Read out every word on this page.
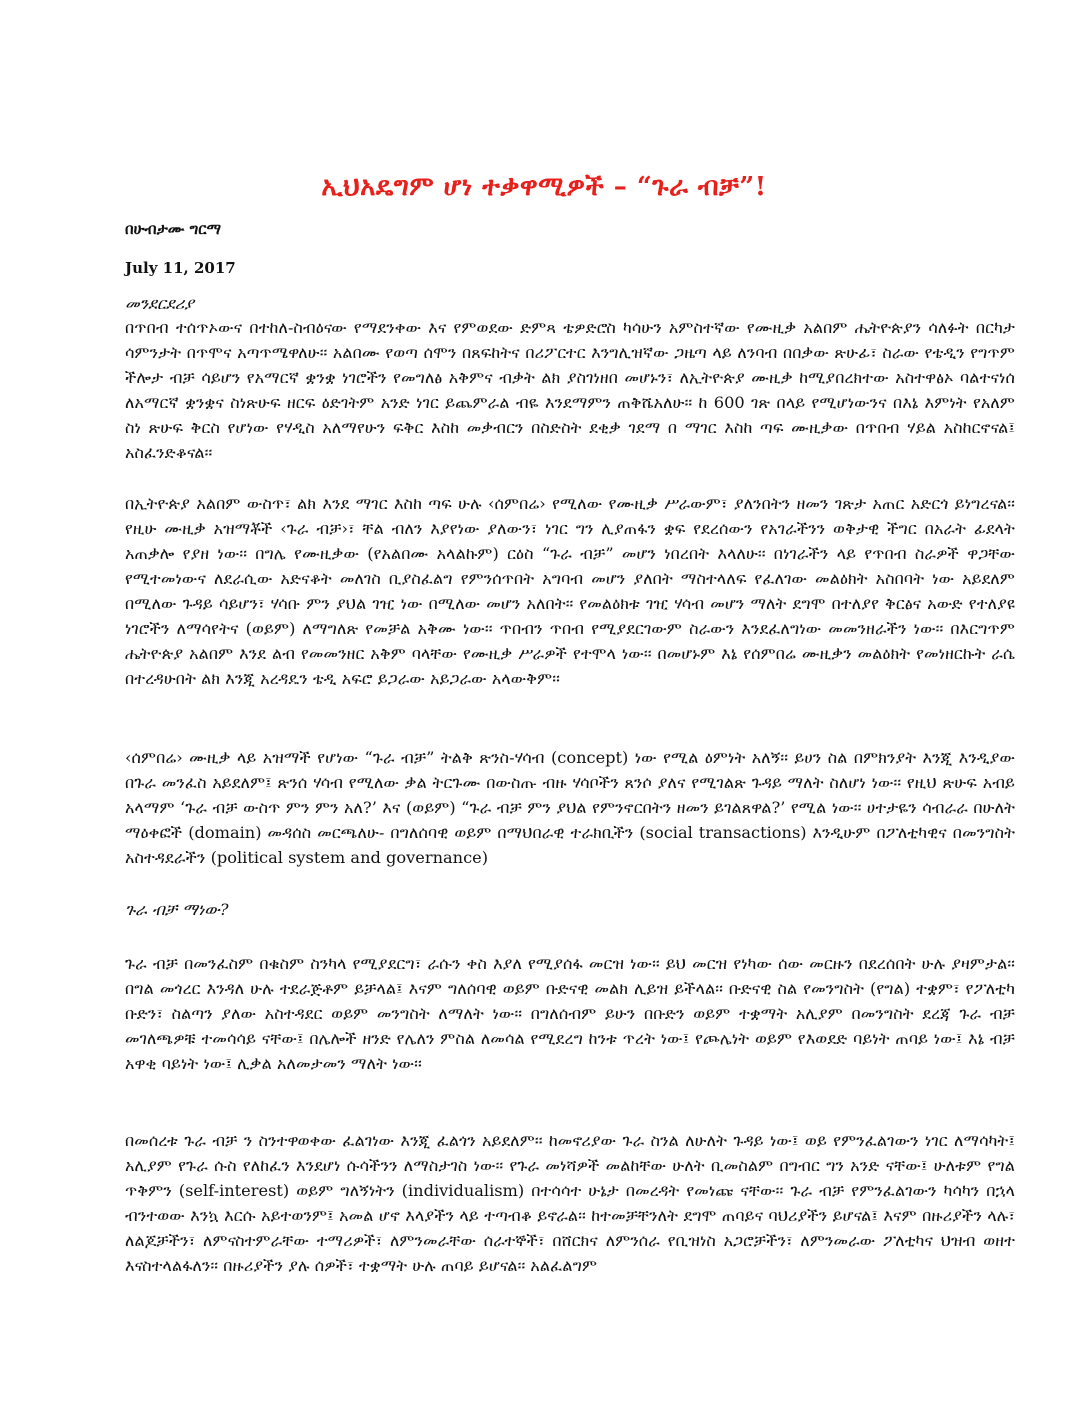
ኢህአዴግም ሆነ ተቃዋሚዎች – “ጉራ ብቻ”!
በሁብታሙ ግርማ
July 11, 2017

መንደርደሪያ

በጥበብ ተሰጥኦውና በተከለ-ስብዕናው የማደንቀው እና የምወደው ድምጻ ቴዎድሮስ ካሳሁን አምስተኛው የሙዚቃ አልበም ሔትዮጵያን ሳለፉት በርካታ ሳምንታት በጥሞና አጣጥሜዋለሁ፡፡ አልበሙ የወጣ ሰሞን በጸፍከትና በሪፖርተር እንግሊዝኛው ጋዜጣ ላይ ለንባብ በበቃው ጽሁፊ፣ ስራው የቴዲን የግጥም ችሎታ ብቻ ሳይሆን የአማርኛ ቋንቋ ነገሮችን የመግለፅ አቅምና ብቃት ልክ ያስገነዘበ መሆኑን፣ ለኢትዮጵያ ሙዚቃ ከሚያበረክተው አስተዋፅኦ ባልተናነሰ ለአማርኛ ቋንቋና ስነጽሁፍ ዘርፍ ዕድገትም አንድ ነገር ይጨምራል ብዬ እንደማምን ጠቅሼአለሁ፡፡ ከ 600 ገጽ በላይ የሚሆነውንና በእኔ እምነት የአለም ስነ ጽሁፍ ቅርስ የሆነው የሃዲስ አለማየሁን ፍቅር እስከ መቃብርን በስድስት ደቂቃ ገደማ በ ማገር እስከ ጣፍ ሙዚቃው በጥበብ ሃይል አስከርኖናል፤ አስፈንድቆናል፡፡

በኢትዮጵያ አልበም ውስጥ፣ ልክ እንደ ማገር እስከ ጣፍ ሁሉ ‹ሰምበሬ› የሚለው የሙዚቃ ሥራውም፣ ያለንበትን ዘመን ገጽታ አጠር አድርጎ ይነግረናል፡፡ የዚሁ ሙዚቃ አዝማቾች ‹ጉራ ብቻ›፣ ቸል ብለን እያየነው ያለውን፣ ነገር ግን ሊያጠፋን ቋፍ የደረሰውን የአገራችንን ወቅታዊ ችግር በአራት ፊደላት አጠቃሎ የያዘ ነው፡፡ በግሌ የሙዚቃው (የአልበሙ አላልኩም) ርዕስ “ጉራ ብቻ” መሆን ነበረበት እላለሁ፡፡ በነገራችን ላይ የጥበብ ስራዎች ዋጋቸው የሚተመነውና ለደራሲው አድናቆት መለገስ ቢያስፈልግ የምንሰጥበት አግባብ መሆን ያለበት ማስተላለፍ የፈለገው መልዕክት አስበባት ነው አይደለም በሚለው ጉዳይ ሳይሆን፣ ሃሳቡ ምን ያህል ገዢ ነው በሚለው መሆን አለበት፡፡ የመልዕክቱ ገዢ ሃሳብ መሆን ማለት ደግሞ በተለያየ ቅርፅና አውድ የተለያዩ ነገሮችን ለማሳየትና (ወይም) ለማግለጽ የመቻል አቅሙ ነው፡፡ ጥበብን ጥበብ የሚያደርገውም ስራውን እንደፈለግነው መመንዘራችን ነው፡፡ በእርግጥም ሔትዮጵያ አልበም እንደ ልብ የመመንዘር አቅም ባላቸው የሙዚቃ ሥራዎች የተሞላ ነው፡፡ በመሆኑም እኔ የሰምበሬ ሙዚቃን መልዕክት የመነዘርኩት ራሴ በተረዳሁበት ልክ እንጂ አረዳዴን ቴዲ አፍሮ ይጋራው አይጋራው አላውቅም፡፡

‹ሰምበሬ› ሙዚቃ ላይ አዝማች የሆነው “ጉራ ብቻ” ትልቅ ጽንስ-ሃሳብ (concept) ነው የሚል ዕምነት አለኝ፡፡ ይሀን ስል በምክንያት እንጂ እንዲያው በጉራ መንፈስ አይደለም፤ ጽንሰ ሃሳብ የሚለው ቃል ትርጉሙ በውስጡ ብዙ ሃሳቦችን ጸንሶ ያለና የሚገልጽ ጉዳይ ማለት ስለሆነ ነው፡፡ የዚህ ጽሁፍ አብይ አላማም ‘ጉራ ብቻ ውስጥ ምን ምን አለ?’ እና (ወይም) “ጉራ ብቻ ምን ያህል የምንኖርበትን ዘመን ይገልጸዋል?’ የሚል ነው፡፡ ሀተታዬን ሳብራራ በሁለት ማዕቀፎች (domain) መዳሰስ መርጫለሁ- በግለሰባዊ ወይም በማህበራዊ ተራክቢችን (social transactions) እንዲሁም በፖለቲካዊና በመንግስት አስተዳደራችን (political system and governance)

ጉራ ብቻ ማነው?

ጉራ ብቻ በመንፈስም በቁስም ስንካላ የሚያደርግ፣ ራሱን ቀስ እያለ የሚያሰፋ መርዝ ነው፡፡ ይህ መርዝ የነካው ሰው መርዙን በደረሰበት ሁሉ ያዛምታል፡፡ በግል መጎረር እንዳለ ሁሉ ተደራጅቶም ይቻላል፤ እናም ግለሰባዊ ወይም ቡድናዊ መልክ ሊይዝ ይችላል፡፡ ቡድናዊ ስል የመንግስት (የግል) ተቋም፣ የፖለቲካ ቡድን፣ ስልጣን ያለው አስተዳደር ወይም መንግስት ለማለት ነው፡፡ በግለሰብም ይሁን በቡድን ወይም ተቋማት አሊያም በመንግስት ደረጃ ጉራ ብቻ መገለጫዎቹ ተመሳሳይ ናቸው፤ በሌሎች ዘንድ የሌለን ምስል ለመሳል የሚደረግ ከንቱ ጥረት ነው፤ የጮሌነት ወይም የእወደድ ባይነት ጠባይ ነው፤ እኔ ብቻ አዋቂ ባይነት ነው፤ ሊቃል አለመታመን ማለት ነው፡፡

በመሰረቱ ጉራ ብቻ ን ስንተዋወቀው ፈልገነው እንጂ ፈልጎን አይደለም፡፡ ከመኖሪያው ጉራ ስንል ለሁለት ጉዳይ ነው፤ ወይ የምንፈልገውን ነገር ለማሳካት፤ አሊያም የጉራ ሱስ የለከፈን እንደሆነ ሱሳችንን ለማስታገስ ነው፡፡ የጉራ መነሻዎች መልከቸው ሁለት ቢመስልም በግብር ግን አንድ ናቸው፤ ሁለቱም የግል ጥቅምን (self-interest) ወይም ግለኝነትን (individualism) በተሳሳተ ሁኔታ በመረዳት የመነጩ ናቸው፡፡ ጉራ ብቻ የምንፈልገውን ካሳካን በኋላ ብንተወው እንኳ እርሱ አይተወንም፤ አመል ሆኖ እላያችን ላይ ተጣብቆ ይኖራል፡፡ ከተመቻቸንለት ደግሞ ጠባይና ባህሪያችን ይሆናል፤ እናም በዙሪያችን ላሉ፣ ለልጆቻችን፣ ለምናስተምራቸው ተማሪዎች፣ ለምንመራቸው ሰራተኞች፣ በሸርክና ለምንሰራ የቢዝነስ አጋሮቻችን፣ ለምንመራው ፖለቲካና ህዝብ ወዘተ እናስተላልፋለን፡፡ በዙሪያችን ያሉ ሰዎች፣ ተቋማት ሁሉ ጠባይ ይሆናል፡፡ አልፈልግም
